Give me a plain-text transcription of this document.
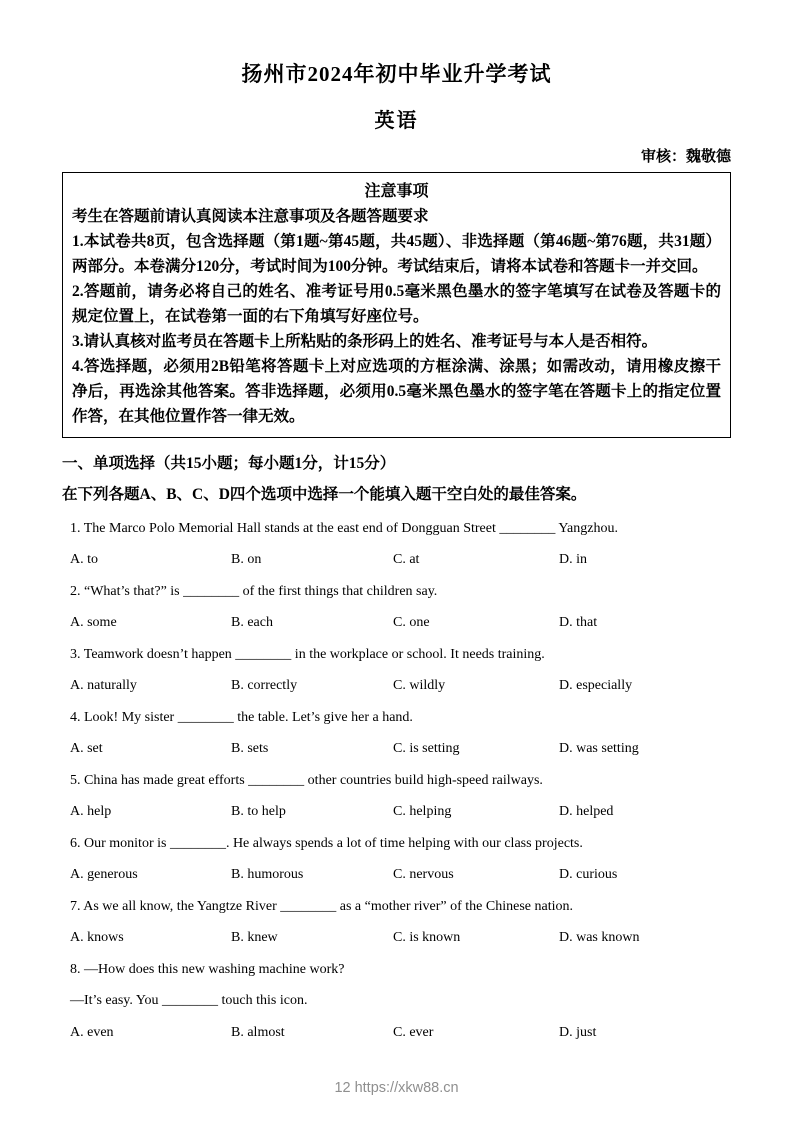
扬州市2024年初中毕业升学考试
英语
审核：魏敬德
注意事项

考生在答题前请认真阅读本注意事项及各题答题要求

1.本试卷共8页，包含选择题（第1题~第45题，共45题）、非选择题（第46题~第76题，共31题）两部分。本卷满分120分，考试时间为100分钟。考试结束后，请将本试卷和答题卡一并交回。

2.答题前，请务必将自己的姓名、准考证号用0.5毫米黑色墨水的签字笔填写在试卷及答题卡的规定位置上，在试卷第一面的右下角填写好座位号。

3.请认真核对监考员在答题卡上所粘贴的条形码上的姓名、准考证号与本人是否相符。

4.答选择题，必须用2B铅笔将答题卡上对应选项的方框涂满、涂黑；如需改动，请用橡皮擦干净后，再选涂其他答案。答非选择题，必须用0.5毫米黑色墨水的签字笔在答题卡上的指定位置作答，在其他位置作答一律无效。

一、单项选择（共15小题；每小题1分，计15分）
在下列各题A、B、C、D四个选项中选择一个能填入题干空白处的最佳答案。

1. The Marco Polo Memorial Hall stands at the east end of Dongguan Street ________ Yangzhou.

A. to	B. on	C. at	D. in

2. “What’s that?” is ________ of the first things that children say.

A. some	B. each	C. one	D. that

3. Teamwork doesn’t happen ________ in the workplace or school. It needs training.

A. naturally	B. correctly	C. wildly	D. especially

4. Look! My sister ________ the table. Let’s give her a hand.

A. set	B. sets	C. is setting	D. was setting

5. China has made great efforts ________ other countries build high-speed railways.

A. help	B. to help	C. helping	D. helped

6. Our monitor is ________. He always spends a lot of time helping with our class projects.

A. generous	B. humorous	C. nervous	D. curious

7. As we all know, the Yangtze River ________ as a “mother river” of the Chinese nation.

A. knows	B. knew	C. is known	D. was known

8. —How does this new washing machine work?

—It’s easy. You ________ touch this icon.

A. even	B. almost	C. ever	D. just
12 https://xkw88.cn
